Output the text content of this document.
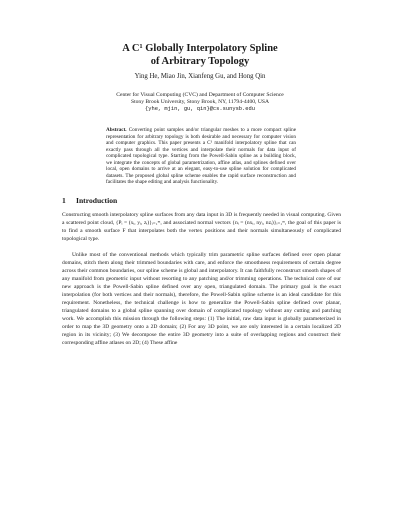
A C¹ Globally Interpolatory Spline
of Arbitrary Topology
Ying He, Miao Jin, Xianfeng Gu, and Hong Qin
Center for Visual Computing (CVC) and Department of Computer Science
Stony Brook University, Stony Brook, NY, 11794-4400, USA
{yhe, mjin, gu, qin}@cs.sunysb.edu
Abstract. Converting point samples and/or triangular meshes to a more compact spline representation for arbitrary topology is both desirable and necessary for computer vision and computer graphics. This paper presents a C¹ manifold interpolatory spline that can exactly pass through all the vertices and interpolate their normals for data input of complicated topological type. Starting from the Powell-Sabin spline as a building block, we integrate the concepts of global parametrization, affine atlas, and splines defined over local, open domains to arrive at an elegant, easy-to-use spline solution for complicated datasets. The proposed global spline scheme enables the rapid surface reconstruction and facilitates the shape editing and analysis functionality.
1 Introduction

Constructing smooth interpolatory spline surfaces from any data input in 3D is frequently needed in visual computing. Given a scattered point cloud, {Pᵢ = (xᵢ, yᵢ, zᵢ)}ᵢ₌₁ᵐ, and associated normal vectors {nᵢ = (nxᵢ, nyᵢ, nzᵢ)}ᵢ₌₁ᵐ, the goal of this paper is to find a smooth surface F that interpolates both the vertex positions and their normals simultaneously of complicated topological type.

Unlike most of the conventional methods which typically trim parametric spline surfaces defined over open planar domains, stitch them along their trimmed boundaries with care, and enforce the smoothness requirements of certain degree across their common boundaries, our spline scheme is global and interpolatory. It can faithfully reconstruct smooth shapes of any manifold from geometric input without resorting to any patching and/or trimming operations. The technical core of our new approach is the Powell-Sabin spline defined over any open, triangulated domain. The primary goal is the exact interpolation (for both vertices and their normals), therefore, the Powell-Sabin spline scheme is an ideal candidate for this requirement. Nonetheless, the technical challenge is how to generalize the Powell-Sabin spline defined over planar, triangulated domains to a global spline spanning over domain of complicated topology without any cutting and patching work. We accomplish this mission through the following steps: (1) The initial, raw data input is globally parameterized in order to map the 3D geometry onto a 2D domain; (2) For any 3D point, we are only interested in a certain localized 2D region in its vicinity; (3) We decompose the entire 3D geometry into a suite of overlapping regions and construct their corresponding affine atlases on 2D; (4) These affine
